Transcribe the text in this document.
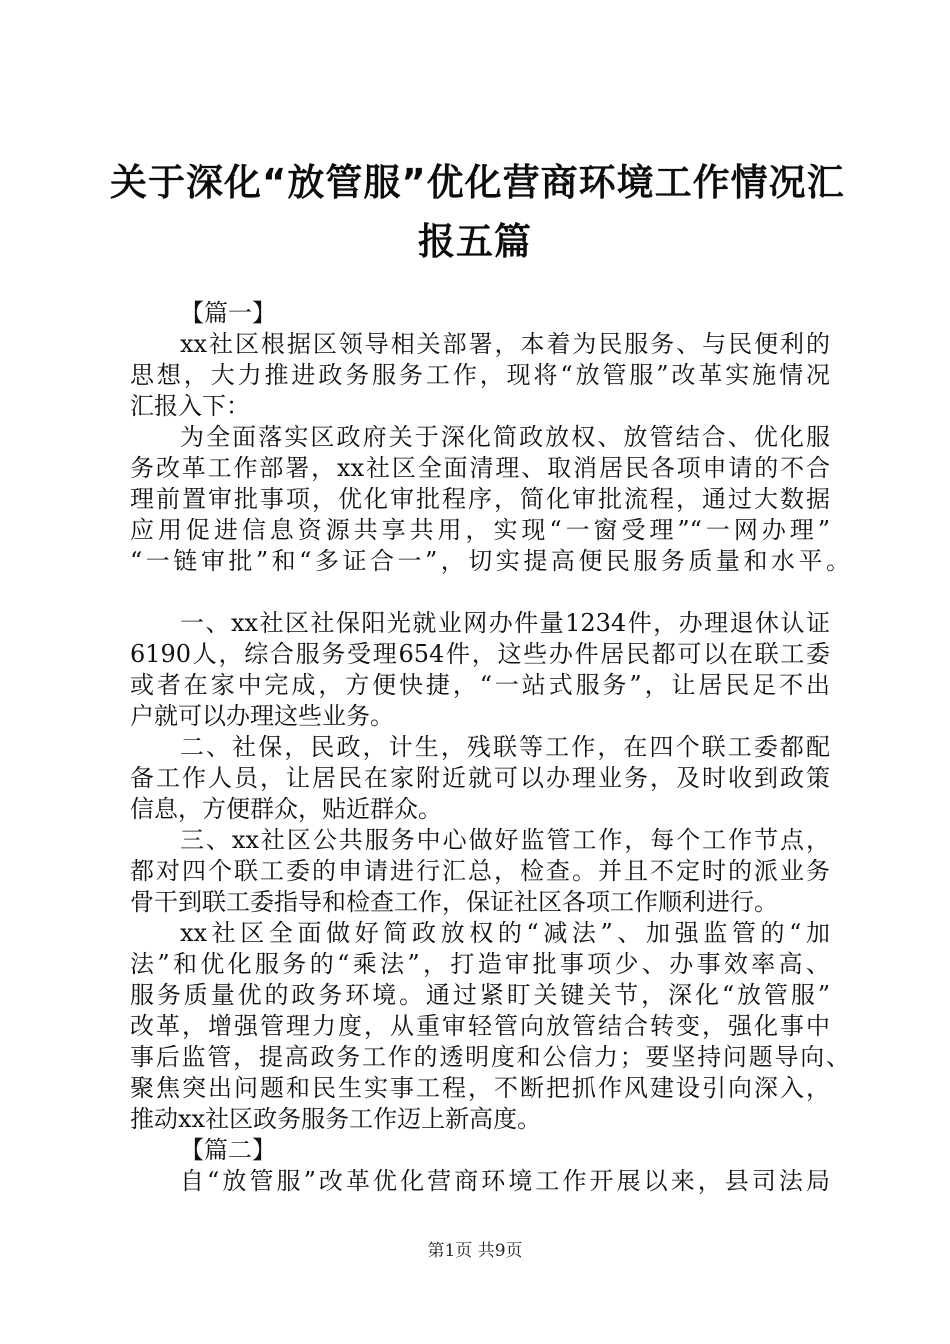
关于深化“放管服”优化营商环境工作情况汇
报五篇
【篇一】
xx社区根据区领导相关部署，本着为民服务、与民便利的
思想，大力推进政务服务工作，现将“放管服”改革实施情况
汇报入下：
为全面落实区政府关于深化简政放权、放管结合、优化服
务改革工作部署，xx社区全面清理、取消居民各项申请的不合
理前置审批事项，优化审批程序，简化审批流程，通过大数据
应用促进信息资源共享共用，实现“一窗受理”“一网办理”
“一链审批”和“多证合一”，切实提高便民服务质量和水平。
一、xx社区社保阳光就业网办件量1234件，办理退休认证
6190人，综合服务受理654件，这些办件居民都可以在联工委
或者在家中完成，方便快捷，“一站式服务”，让居民足不出
户就可以办理这些业务。
二、社保，民政，计生，残联等工作，在四个联工委都配
备工作人员，让居民在家附近就可以办理业务，及时收到政策
信息，方便群众，贴近群众。
三、xx社区公共服务中心做好监管工作，每个工作节点，
都对四个联工委的申请进行汇总，检查。并且不定时的派业务
骨干到联工委指导和检查工作，保证社区各项工作顺利进行。
xx社区全面做好简政放权的“减法”、加强监管的“加
法”和优化服务的“乘法”，打造审批事项少、办事效率高、
服务质量优的政务环境。通过紧盯关键关节，深化“放管服”
改革，增强管理力度，从重审轻管向放管结合转变，强化事中
事后监管，提高政务工作的透明度和公信力；要坚持问题导向、
聚焦突出问题和民生实事工程，不断把抓作风建设引向深入，
推动xx社区政务服务工作迈上新高度。
【篇二】
自“放管服”改革优化营商环境工作开展以来，县司法局
第1页 共9页
